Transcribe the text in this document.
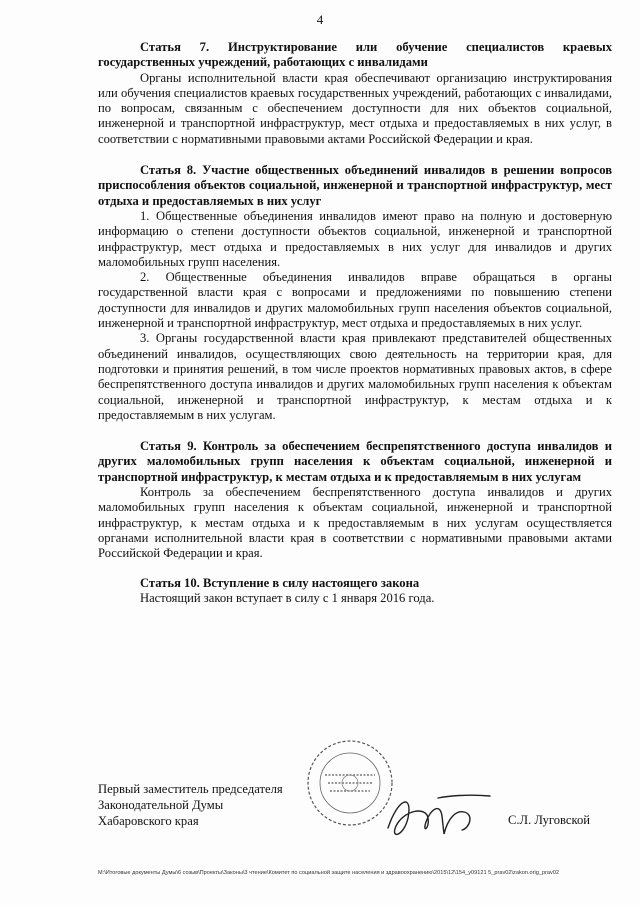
4

Статья 7. Инструктирование или обучение специалистов краевых государственных учреждений, работающих с инвалидами

Органы исполнительной власти края обеспечивают организацию инструктирования или обучения специалистов краевых государственных учреждений, работающих с инвалидами, по вопросам, связанным с обеспечением доступности для них объектов социальной, инженерной и транспортной инфраструктур, мест отдыха и предоставляемых в них услуг, в соответствии с нормативными правовыми актами Российской Федерации и края.

Статья 8. Участие общественных объединений инвалидов в решении вопросов приспособления объектов социальной, инженерной и транспортной инфраструктур, мест отдыха и предоставляемых в них услуг

1. Общественные объединения инвалидов имеют право на полную и достоверную информацию о степени доступности объектов социальной, инженерной и транспортной инфраструктур, мест отдыха и предоставляемых в них услуг для инвалидов и других маломобильных групп населения.

2. Общественные объединения инвалидов вправе обращаться в органы государственной власти края с вопросами и предложениями по повышению степени доступности для инвалидов и других маломобильных групп населения объектов социальной, инженерной и транспортной инфраструктур, мест отдыха и предоставляемых в них услуг.

3. Органы государственной власти края привлекают представителей общественных объединений инвалидов, осуществляющих свою деятельность на территории края, для подготовки и принятия решений, в том числе проектов нормативных правовых актов, в сфере беспрепятственного доступа инвалидов и других маломобильных групп населения к объектам социальной, инженерной и транспортной инфраструктур, к местам отдыха и к предоставляемым в них услугам.

Статья 9. Контроль за обеспечением беспрепятственного доступа инвалидов и других маломобильных групп населения к объектам социальной, инженерной и транспортной инфраструктур, к местам отдыха и к предоставляемым в них услугам

Контроль за обеспечением беспрепятственного доступа инвалидов и других маломобильных групп населения к объектам социальной, инженерной и транспортной инфраструктур, к местам отдыха и к предоставляемым в них услугам осуществляется органами исполнительной власти края в соответствии с нормативными правовыми актами Российской Федерации и края.

Статья 10. Вступление в силу настоящего закона

Настоящий закон вступает в силу с 1 января 2016 года.

Первый заместитель председателя
Законодательной Думы
Хабаровского края	С.Л. Луговской
M:\Итоговые документы Думы\6 созыв\Проекты\Законы\3 чтение\Комитет по социальной защите населения и здравоохранению\2015\12\154_у09121 5_prav02\zakon.orig_prav02
